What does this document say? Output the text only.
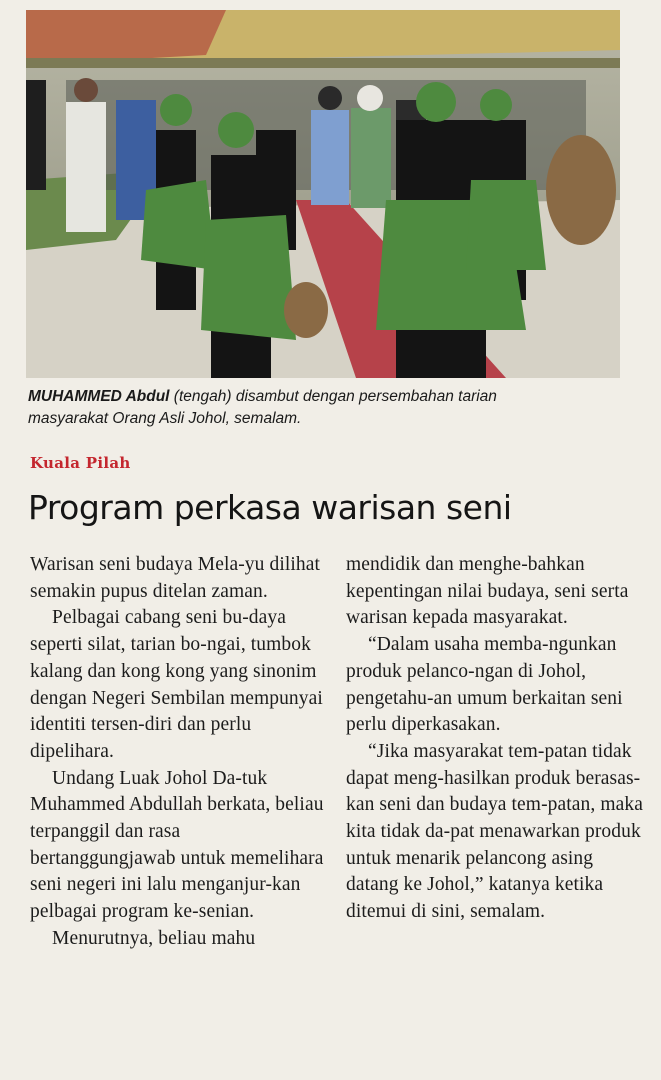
MUHAMMED Abdul (tengah) disambut dengan persembahan tarian
masyarakat Orang Asli Johol, semalam.
Kuala Pilah
Program perkasa warisan seni

Warisan seni budaya Mela-yu dilihat semakin pupus ditelan zaman.

Pelbagai cabang seni bu-daya seperti silat, tarian bo-ngai, tumbok kalang dan kong kong yang sinonim dengan Negeri Sembilan mempunyai identiti tersen-diri dan perlu dipelihara.

Undang Luak Johol Da-tuk Muhammed Abdullah berkata, beliau terpanggil dan rasa bertanggungjawab untuk memelihara seni negeri ini lalu menganjur-kan pelbagai program ke-senian.

Menurutnya, beliau mahu

mendidik dan menghe-bahkan kepentingan nilai budaya, seni serta warisan kepada masyarakat.

“Dalam usaha memba-ngunkan produk pelanco-ngan di Johol, pengetahu-an umum berkaitan seni perlu diperkasakan.

“Jika masyarakat tem-patan tidak dapat meng-hasilkan produk berasas-kan seni dan budaya tem-patan, maka kita tidak da-pat menawarkan produk untuk menarik pelancong asing datang ke Johol,” katanya ketika ditemui di sini, semalam.
